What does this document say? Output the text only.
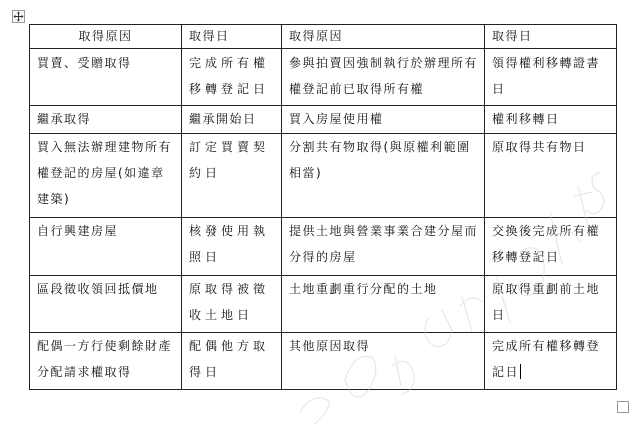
取得原因	取得日	取得原因	取得日
買賣、受贈取得	完成所有權移轉登記日	參與拍賣因強制執行於辦理所有權登記前已取得所有權	領得權利移轉證書日
繼承取得	繼承開始日	買入房屋使用權	權利移轉日
買入無法辦理建物所有權登記的房屋(如違章建築)	訂定買賣契約日	分割共有物取得(與原權利範圍相當)	原取得共有物日
自行興建房屋	核發使用執照日	提供土地與營業事業合建分屋而分得的房屋	交換後完成所有權移轉登記日
區段徵收領回抵價地	原取得被徵收土地日	土地重劃重行分配的土地	原取得重劃前土地日
配偶一方行使剩餘財產分配請求權取得	配偶他方取得日	其他原因取得	完成所有權移轉登記日
